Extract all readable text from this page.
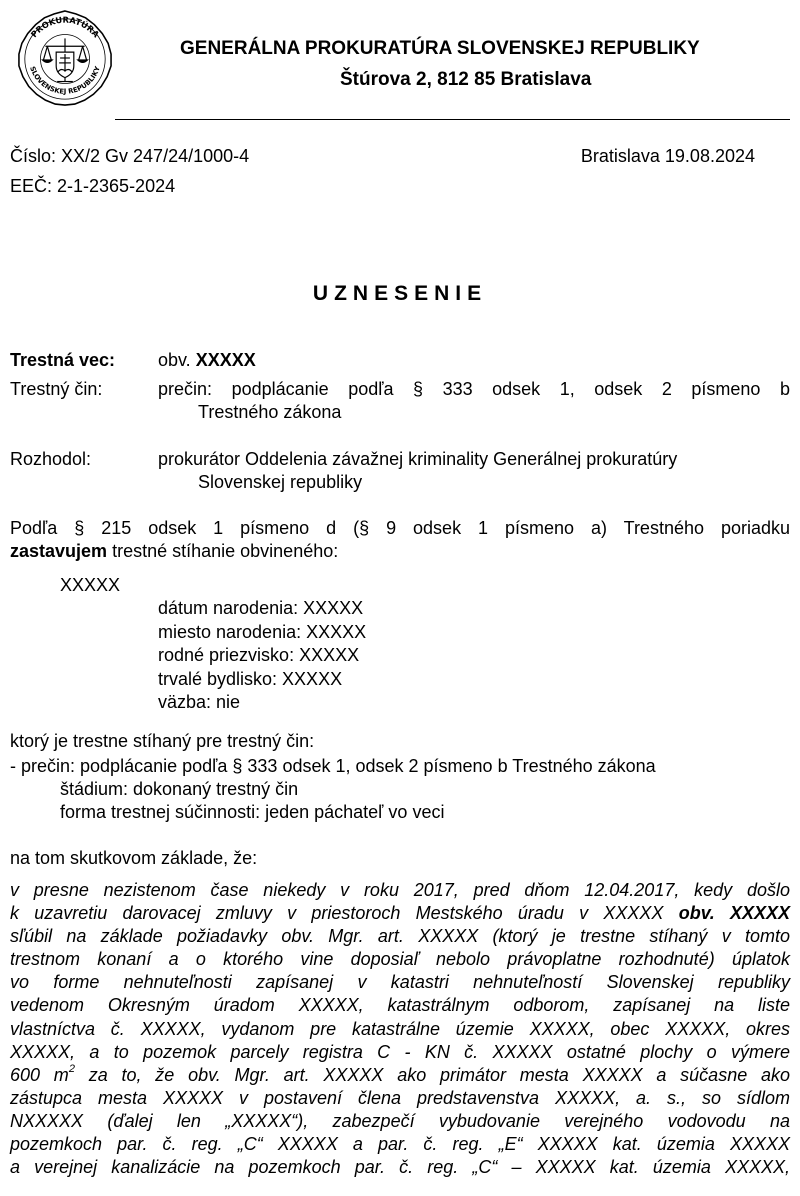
PROKURATÚRA
SLOVENSKEJ REPUBLIKY
GENERÁLNA PROKURATÚRA SLOVENSKEJ REPUBLIKY
Štúrova 2, 812 85 Bratislava
Číslo: XX/2 Gv 247/24/1000-4
EEČ: 2-1-2365-2024
Bratislava 19.08.2024
UZNESENIE
Trestná vec: obv. XXXXX
Trestný čin:	prečin: podplácanie podľa § 333 odsek 1, odsek 2 písmeno b
Trestného zákona
Rozhodol:	prokurátor Oddelenia závažnej kriminality Generálnej prokuratúry
Slovenskej republiky
Podľa § 215 odsek 1 písmeno d (§ 9 odsek 1 písmeno a) Trestného poriadku
zastavujem trestné stíhanie obvineného:
XXXXX
dátum narodenia: XXXXX
miesto narodenia: XXXXX
rodné priezvisko: XXXXX
trvalé bydlisko: XXXXX
väzba: nie
ktorý je trestne stíhaný pre trestný čin:
- prečin: podplácanie podľa § 333 odsek 1, odsek 2 písmeno b Trestného zákona
štádium: dokonaný trestný čin
forma trestnej súčinnosti: jeden páchateľ vo veci
na tom skutkovom základe, že:
v presne nezistenom čase niekedy v roku 2017, pred dňom 12.04.2017, kedy došlo
k uzavretiu darovacej zmluvy v priestoroch Mestského úradu v XXXXX obv. XXXXX
sľúbil na základe požiadavky obv. Mgr. art. XXXXX (ktorý je trestne stíhaný v tomto
trestnom konaní a o ktorého vine doposiaľ nebolo právoplatne rozhodnuté) úplatok
vo forme nehnuteľnosti zapísanej v katastri nehnuteľností Slovenskej republiky
vedenom Okresným úradom XXXXX, katastrálnym odborom, zapísanej na liste
vlastníctva č. XXXXX, vydanom pre katastrálne územie XXXXX, obec XXXXX, okres
XXXXX, a to pozemok parcely registra C - KN č. XXXXX ostatné plochy o výmere
600 $m^2$ za to, že obv. Mgr. art. XXXXX ako primátor mesta XXXXX a súčasne ako
zástupca mesta XXXXX v postavení člena predstavenstva XXXXX, a. s., so sídlom
NXXXXX (ďalej len „XXXXX“), zabezpečí vybudovanie verejného vodovodu na
pozemkoch par. č. reg. „C“ XXXXX a par. č. reg. „E“ XXXXX kat. územia XXXXX
a verejnej kanalizácie na pozemkoch par. č. reg. „C“ – XXXXX kat. územia XXXXX,
